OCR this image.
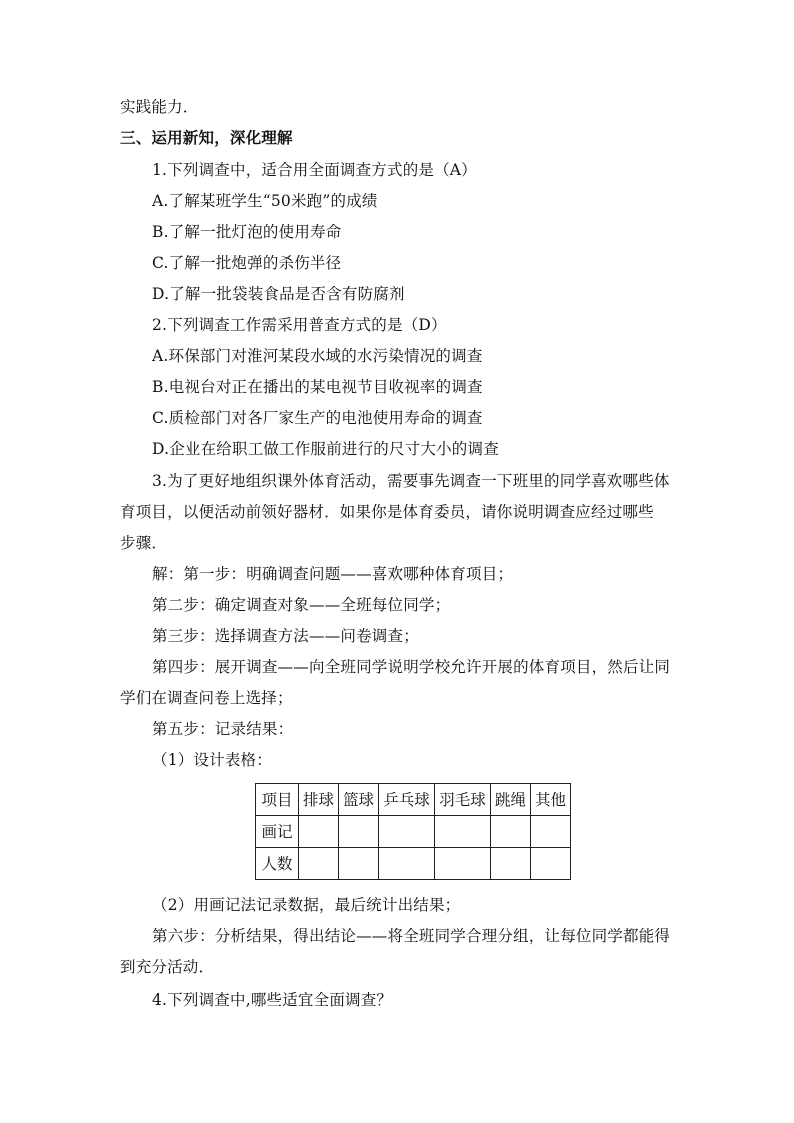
实践能力．
三、运用新知，深化理解
1.下列调查中，适合用全面调查方式的是（A）
A.了解某班学生“50米跑”的成绩
B.了解一批灯泡的使用寿命
C.了解一批炮弹的杀伤半径
D.了解一批袋装食品是否含有防腐剂
2.下列调查工作需采用普查方式的是（D）
A.环保部门对淮河某段水域的水污染情况的调查
B.电视台对正在播出的某电视节目收视率的调查
C.质检部门对各厂家生产的电池使用寿命的调查
D.企业在给职工做工作服前进行的尺寸大小的调查
3.为了更好地组织课外体育活动，需要事先调查一下班里的同学喜欢哪些体
育项目，以便活动前领好器材．如果你是体育委员，请你说明调查应经过哪些
步骤．
解：第一步：明确调查问题——喜欢哪种体育项目；
第二步：确定调查对象——全班每位同学；
第三步：选择调查方法——问卷调查；
第四步：展开调查——向全班同学说明学校允许开展的体育项目，然后让同
学们在调查问卷上选择；
第五步：记录结果：
（1）设计表格：
项目	排球	篮球	乒乓球	羽毛球	跳绳	其他
画记						
人数						
（2）用画记法记录数据，最后统计出结果；
第六步：分析结果，得出结论——将全班同学合理分组，让每位同学都能得
到充分活动．
4.下列调查中,哪些适宜全面调查？
